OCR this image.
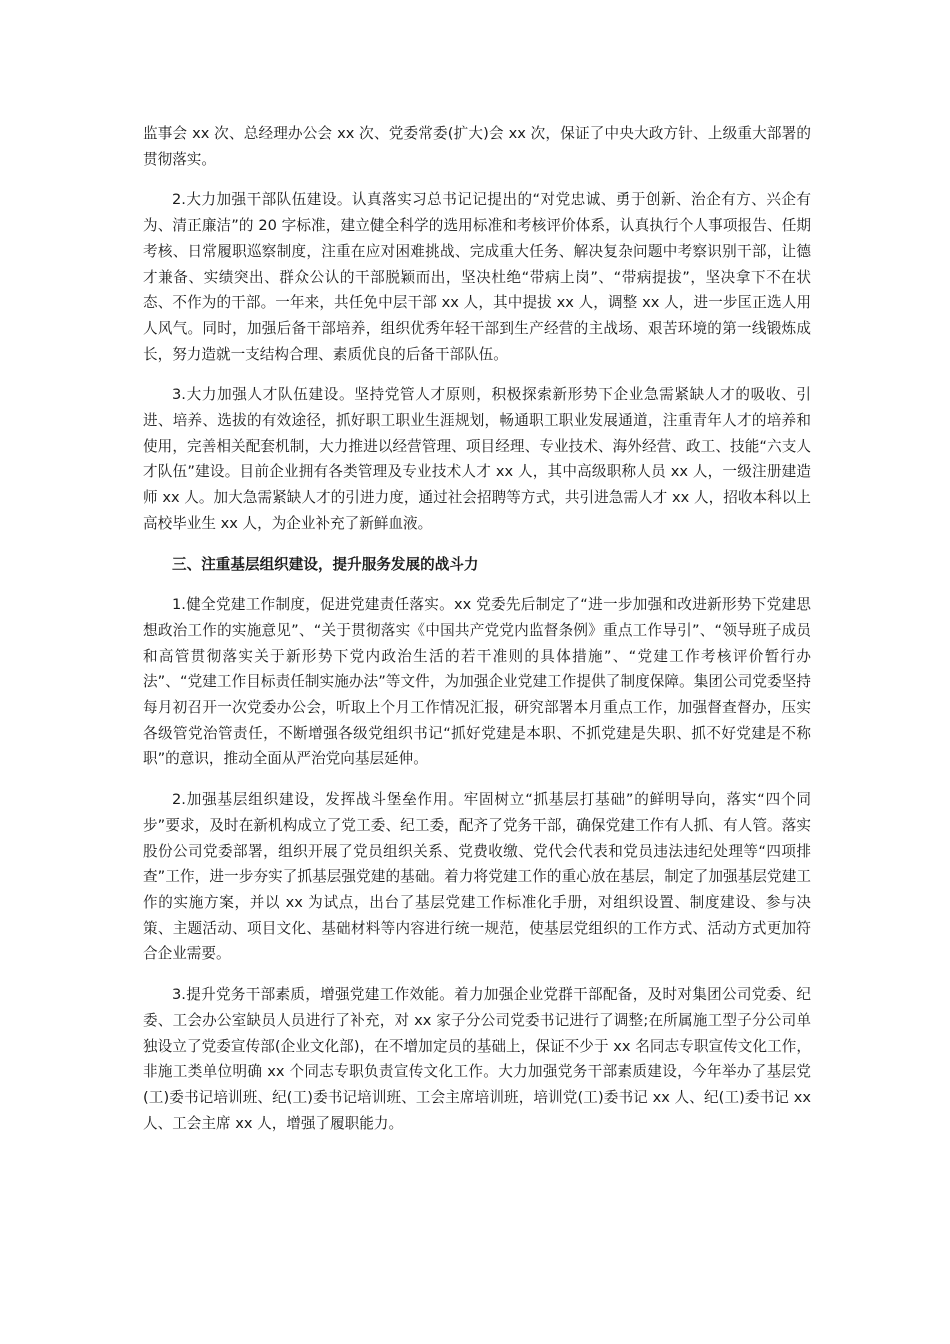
监事会 xx 次、总经理办公会 xx 次、党委常委(扩大)会 xx 次，保证了中央大政方针、上级重大部署的贯彻落实。

2.大力加强干部队伍建设。认真落实习总书记记提出的“对党忠诚、勇于创新、治企有方、兴企有为、清正廉洁”的 20 字标准，建立健全科学的选用标准和考核评价体系，认真执行个人事项报告、任期考核、日常履职巡察制度，注重在应对困难挑战、完成重大任务、解决复杂问题中考察识别干部，让德才兼备、实绩突出、群众公认的干部脱颖而出，坚决杜绝“带病上岗”、“带病提拔”，坚决拿下不在状态、不作为的干部。一年来，共任免中层干部 xx 人，其中提拔 xx 人，调整 xx 人，进一步匡正选人用人风气。同时，加强后备干部培养，组织优秀年轻干部到生产经营的主战场、艰苦环境的第一线锻炼成长，努力造就一支结构合理、素质优良的后备干部队伍。

3.大力加强人才队伍建设。坚持党管人才原则，积极探索新形势下企业急需紧缺人才的吸收、引进、培养、选拔的有效途径，抓好职工职业生涯规划，畅通职工职业发展通道，注重青年人才的培养和使用，完善相关配套机制，大力推进以经营管理、项目经理、专业技术、海外经营、政工、技能“六支人才队伍”建设。目前企业拥有各类管理及专业技术人才 xx 人，其中高级职称人员 xx 人，一级注册建造师 xx 人。加大急需紧缺人才的引进力度，通过社会招聘等方式，共引进急需人才 xx 人，招收本科以上高校毕业生 xx 人，为企业补充了新鲜血液。

三、注重基层组织建设，提升服务发展的战斗力

1.健全党建工作制度，促进党建责任落实。xx 党委先后制定了“进一步加强和改进新形势下党建思想政治工作的实施意见”、“关于贯彻落实《中国共产党党内监督条例》重点工作导引”、“领导班子成员和高管贯彻落实关于新形势下党内政治生活的若干准则的具体措施”、“党建工作考核评价暂行办法”、“党建工作目标责任制实施办法”等文件，为加强企业党建工作提供了制度保障。集团公司党委坚持每月初召开一次党委办公会，听取上个月工作情况汇报，研究部署本月重点工作，加强督查督办，压实各级管党治管责任，不断增强各级党组织书记“抓好党建是本职、不抓党建是失职、抓不好党建是不称职”的意识，推动全面从严治党向基层延伸。

2.加强基层组织建设，发挥战斗堡垒作用。牢固树立“抓基层打基础”的鲜明导向，落实“四个同步”要求，及时在新机构成立了党工委、纪工委，配齐了党务干部，确保党建工作有人抓、有人管。落实股份公司党委部署，组织开展了党员组织关系、党费收缴、党代会代表和党员违法违纪处理等“四项排查”工作，进一步夯实了抓基层强党建的基础。着力将党建工作的重心放在基层，制定了加强基层党建工作的实施方案，并以 xx 为试点，出台了基层党建工作标准化手册，对组织设置、制度建设、参与决策、主题活动、项目文化、基础材料等内容进行统一规范，使基层党组织的工作方式、活动方式更加符合企业需要。

3.提升党务干部素质，增强党建工作效能。着力加强企业党群干部配备，及时对集团公司党委、纪委、工会办公室缺员人员进行了补充，对 xx 家子分公司党委书记进行了调整;在所属施工型子分公司单独设立了党委宣传部(企业文化部)，在不增加定员的基础上，保证不少于 xx 名同志专职宣传文化工作，非施工类单位明确 xx 个同志专职负责宣传文化工作。大力加强党务干部素质建设，今年举办了基层党(工)委书记培训班、纪(工)委书记培训班、工会主席培训班，培训党(工)委书记 xx 人、纪(工)委书记 xx 人、工会主席 xx 人，增强了履职能力。
